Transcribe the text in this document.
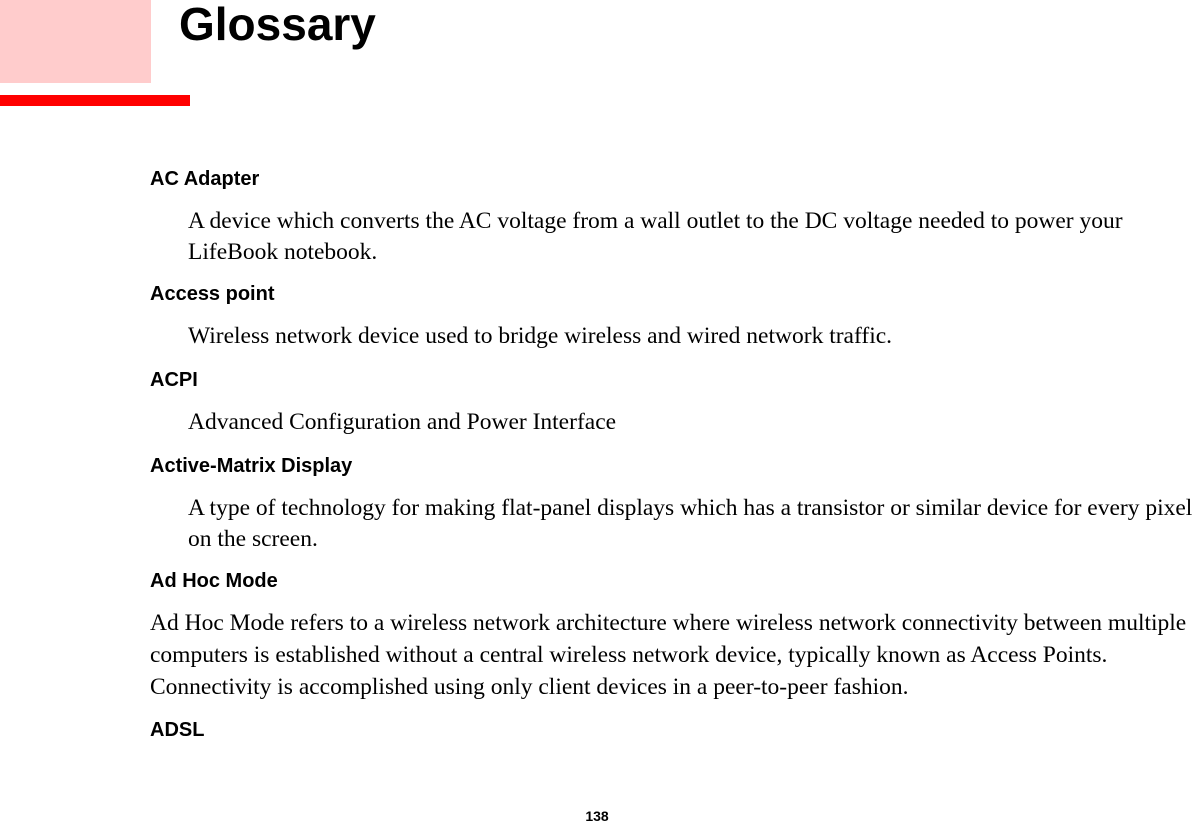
Glossary
AC Adapter

A device which converts the AC voltage from a wall outlet to the DC voltage needed to power your LifeBook notebook.

Access point

Wireless network device used to bridge wireless and wired network traffic.

ACPI

Advanced Configuration and Power Interface

Active-Matrix Display

A type of technology for making flat-panel displays which has a transistor or similar device for every pixel on the screen.

Ad Hoc Mode

Ad Hoc Mode refers to a wireless network architecture where wireless network connectivity between multiple computers is established without a central wireless network device, typically known as Access Points. Connectivity is accomplished using only client devices in a peer-to-peer fashion.

ADSL
138
